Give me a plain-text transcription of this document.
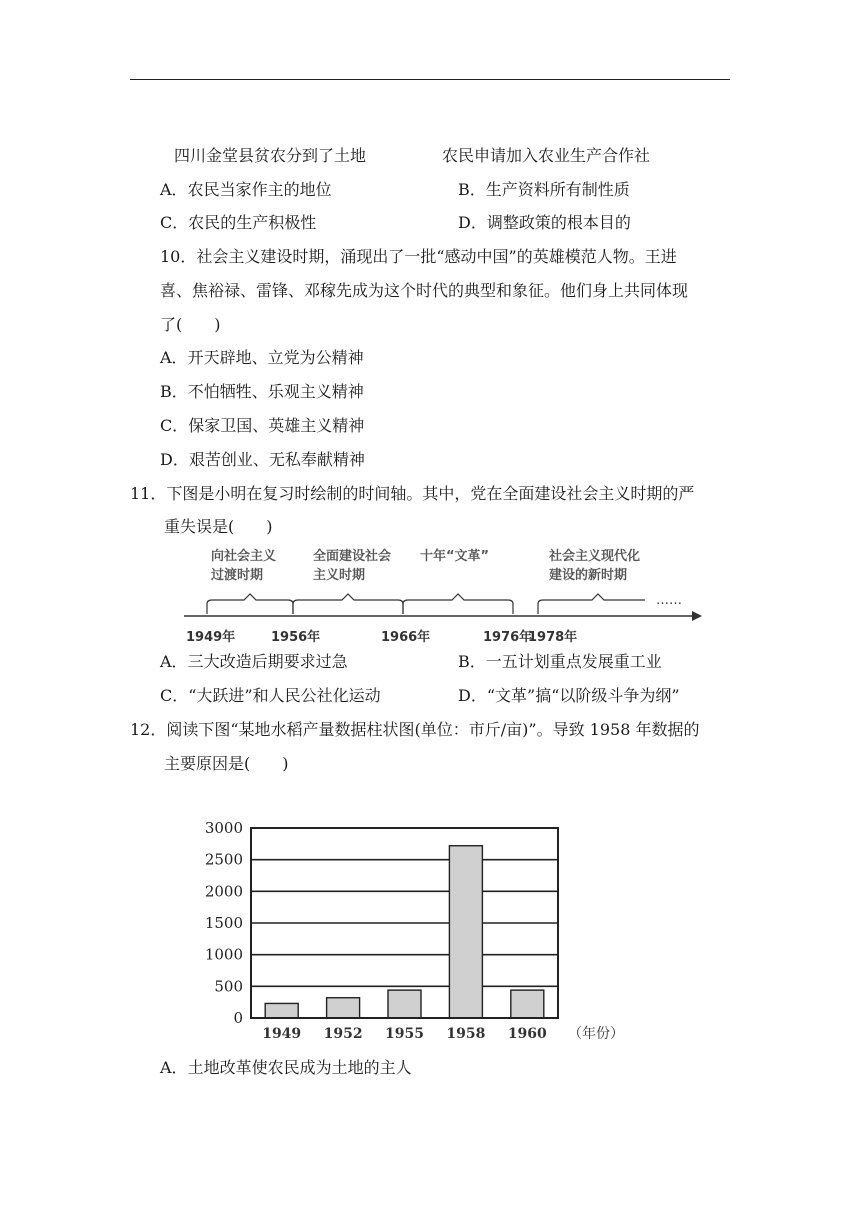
四川金堂县贫农分到了土地	农民申请加入农业生产合作社
A．农民当家作主的地位	B．生产资料所有制性质
C．农民的生产积极性	D．调整政策的根本目的
10．社会主义建设时期，涌现出了一批“感动中国”的英雄模范人物。王进
喜、焦裕禄、雷锋、邓稼先成为这个时代的典型和象征。他们身上共同体现
了(　　)
A．开天辟地、立党为公精神
B．不怕牺牲、乐观主义精神
C．保家卫国、英雄主义精神
D．艰苦创业、无私奉献精神
11．下图是小明在复习时绘制的时间轴。其中，党在全面建设社会主义时期的严
重失误是(　　)
向社会主义
过渡时期
全面建设社会
主义时期
十年“文革”	社会主义现代化
建设的新时期
……
1949年	1956年	1966年	1976年
1978年
A．三大改造后期要求过急	B．一五计划重点发展重工业
C．“大跃进”和人民公社化运动	D．“文革”搞“以阶级斗争为纲”
12．阅读下图“某地水稻产量数据柱状图(单位：市斤/亩)”。导致 1958 年数据的
主要原因是(　　)
0
500
1000
1500
2000
2500
3000
1949 1952 1955 1958 1960 （年份）
A．土地改革使农民成为土地的主人
